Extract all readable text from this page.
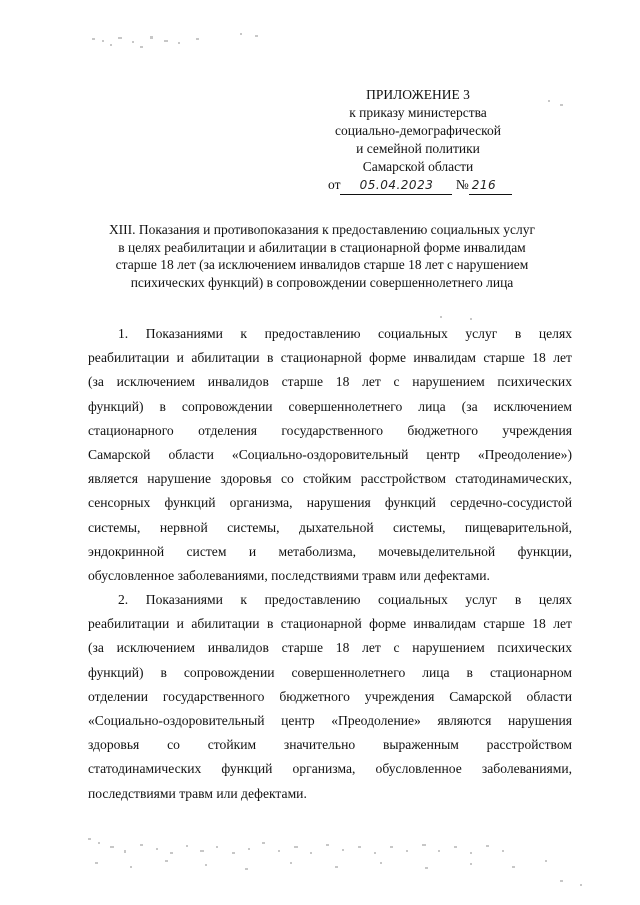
ПРИЛОЖЕНИЕ 3
к приказу министерства
социально-демографической
и семейной политики
Самарской области
от 05.04.2023 № 216
XIII. Показания и противопоказания к предоставлению социальных услуг
в целях реабилитации и абилитации в стационарной форме инвалидам
старше 18 лет (за исключением инвалидов старше 18 лет с нарушением
психических функций) в сопровождении совершеннолетнего лица
1. Показаниями к предоставлению социальных услуг в целях
реабилитации и абилитации в стационарной форме инвалидам старше 18 лет
(за исключением инвалидов старше 18 лет с нарушением психических
функций) в сопровождении совершеннолетнего лица (за исключением
стационарного отделения государственного бюджетного учреждения
Самарской области «Социально-оздоровительный центр «Преодоление»)
является нарушение здоровья со стойким расстройством статодинамических,
сенсорных функций организма, нарушения функций сердечно-сосудистой
системы, нервной системы, дыхательной системы, пищеварительной,
эндокринной систем и метаболизма, мочевыделительной функции,
обусловленное заболеваниями, последствиями травм или дефектами.
2. Показаниями к предоставлению социальных услуг в целях
реабилитации и абилитации в стационарной форме инвалидам старше 18 лет
(за исключением инвалидов старше 18 лет с нарушением психических
функций) в сопровождении совершеннолетнего лица в стационарном
отделении государственного бюджетного учреждения Самарской области
«Социально-оздоровительный центр «Преодоление» являются нарушения
здоровья со стойким значительно выраженным расстройством
статодинамических функций организма, обусловленное заболеваниями,
последствиями травм или дефектами.
